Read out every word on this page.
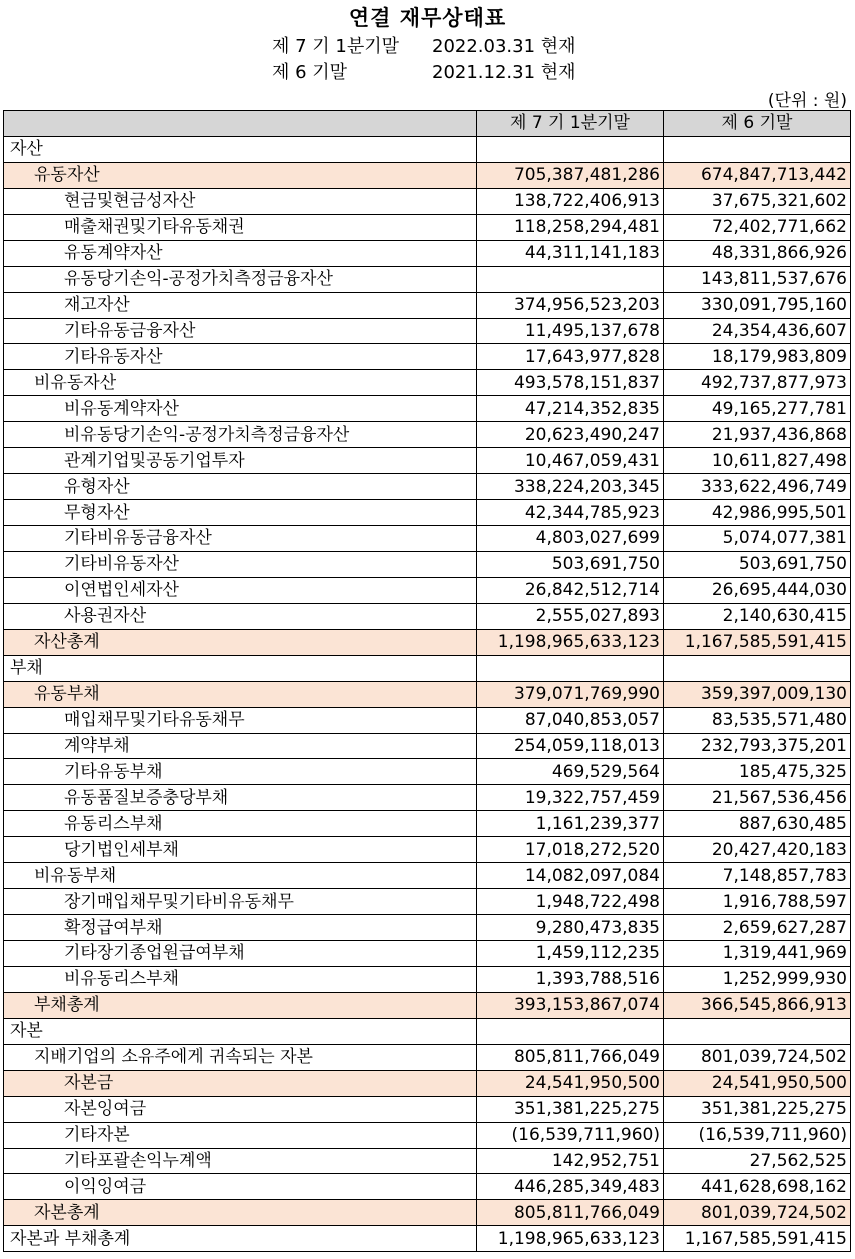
연결 재무상태표
제 7 기 1분기말 2022.03.31 현재
제 6 기말	2021.12.31 현재
(단위 : 원)
	제 7 기 1분기말	제 6 기말
자산		
유동자산	705,387,481,286	674,847,713,442
현금및현금성자산	138,722,406,913	37,675,321,602
매출채권및기타유동채권	118,258,294,481	72,402,771,662
유동계약자산	44,311,141,183	48,331,866,926
유동당기손익-공정가치측정금융자산		143,811,537,676
재고자산	374,956,523,203	330,091,795,160
기타유동금융자산	11,495,137,678	24,354,436,607
기타유동자산	17,643,977,828	18,179,983,809
비유동자산	493,578,151,837	492,737,877,973
비유동계약자산	47,214,352,835	49,165,277,781
비유동당기손익-공정가치측정금융자산	20,623,490,247	21,937,436,868
관계기업및공동기업투자	10,467,059,431	10,611,827,498
유형자산	338,224,203,345	333,622,496,749
무형자산	42,344,785,923	42,986,995,501
기타비유동금융자산	4,803,027,699	5,074,077,381
기타비유동자산	503,691,750	503,691,750
이연법인세자산	26,842,512,714	26,695,444,030
사용권자산	2,555,027,893	2,140,630,415
자산총계	1,198,965,633,123	1,167,585,591,415
부채		
유동부채	379,071,769,990	359,397,009,130
매입채무및기타유동채무	87,040,853,057	83,535,571,480
계약부채	254,059,118,013	232,793,375,201
기타유동부채	469,529,564	185,475,325
유동품질보증충당부채	19,322,757,459	21,567,536,456
유동리스부채	1,161,239,377	887,630,485
당기법인세부채	17,018,272,520	20,427,420,183
비유동부채	14,082,097,084	7,148,857,783
장기매입채무및기타비유동채무	1,948,722,498	1,916,788,597
확정급여부채	9,280,473,835	2,659,627,287
기타장기종업원급여부채	1,459,112,235	1,319,441,969
비유동리스부채	1,393,788,516	1,252,999,930
부채총계	393,153,867,074	366,545,866,913
자본		
지배기업의 소유주에게 귀속되는 자본	805,811,766,049	801,039,724,502
자본금	24,541,950,500	24,541,950,500
자본잉여금	351,381,225,275	351,381,225,275
기타자본	(16,539,711,960)	(16,539,711,960)
기타포괄손익누계액	142,952,751	27,562,525
이익잉여금	446,285,349,483	441,628,698,162
자본총계	805,811,766,049	801,039,724,502
자본과 부채총계	1,198,965,633,123	1,167,585,591,415
